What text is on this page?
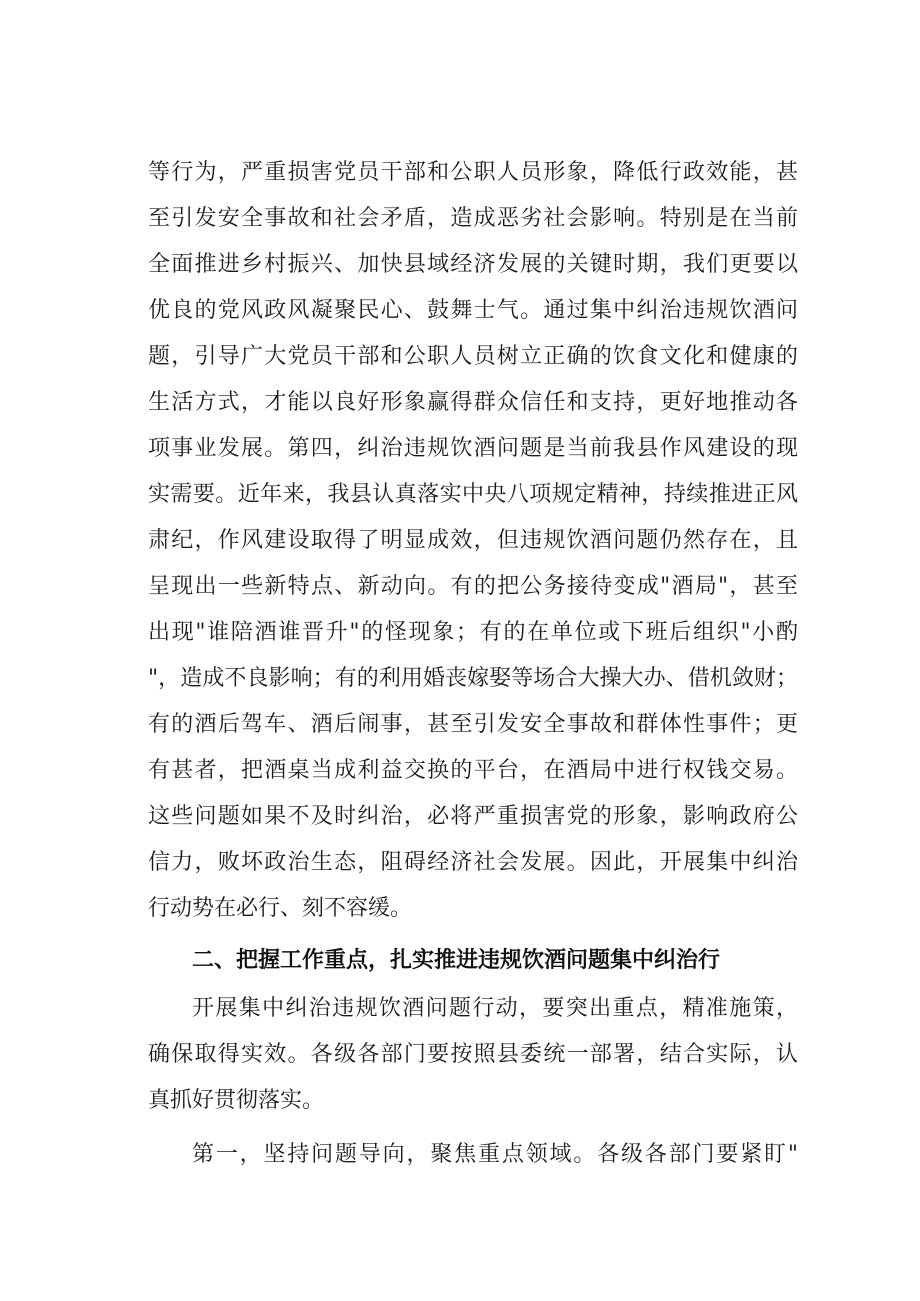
等行为，严重损害党员干部和公职人员形象，降低行政效能，甚
至引发安全事故和社会矛盾，造成恶劣社会影响。特别是在当前
全面推进乡村振兴、加快县域经济发展的关键时期，我们更要以
优良的党风政风凝聚民心、鼓舞士气。通过集中纠治违规饮酒问
题，引导广大党员干部和公职人员树立正确的饮食文化和健康的
生活方式，才能以良好形象赢得群众信任和支持，更好地推动各
项事业发展。第四，纠治违规饮酒问题是当前我县作风建设的现
实需要。近年来，我县认真落实中央八项规定精神，持续推进正风
肃纪，作风建设取得了明显成效，但违规饮酒问题仍然存在，且
呈现出一些新特点、新动向。有的把公务接待变成"酒局"，甚至
出现"谁陪酒谁晋升"的怪现象；有的在单位或下班后组织"小酌
"，造成不良影响；有的利用婚丧嫁娶等场合大操大办、借机敛财；
有的酒后驾车、酒后闹事，甚至引发安全事故和群体性事件；更
有甚者，把酒桌当成利益交换的平台，在酒局中进行权钱交易。
这些问题如果不及时纠治，必将严重损害党的形象，影响政府公
信力，败坏政治生态，阻碍经济社会发展。因此，开展集中纠治
行动势在必行、刻不容缓。
二、把握工作重点，扎实推进违规饮酒问题集中纠治行
开展集中纠治违规饮酒问题行动，要突出重点，精准施策，
确保取得实效。各级各部门要按照县委统一部署，结合实际，认
真抓好贯彻落实。
第一，坚持问题导向，聚焦重点领域。各级各部门要紧盯"
